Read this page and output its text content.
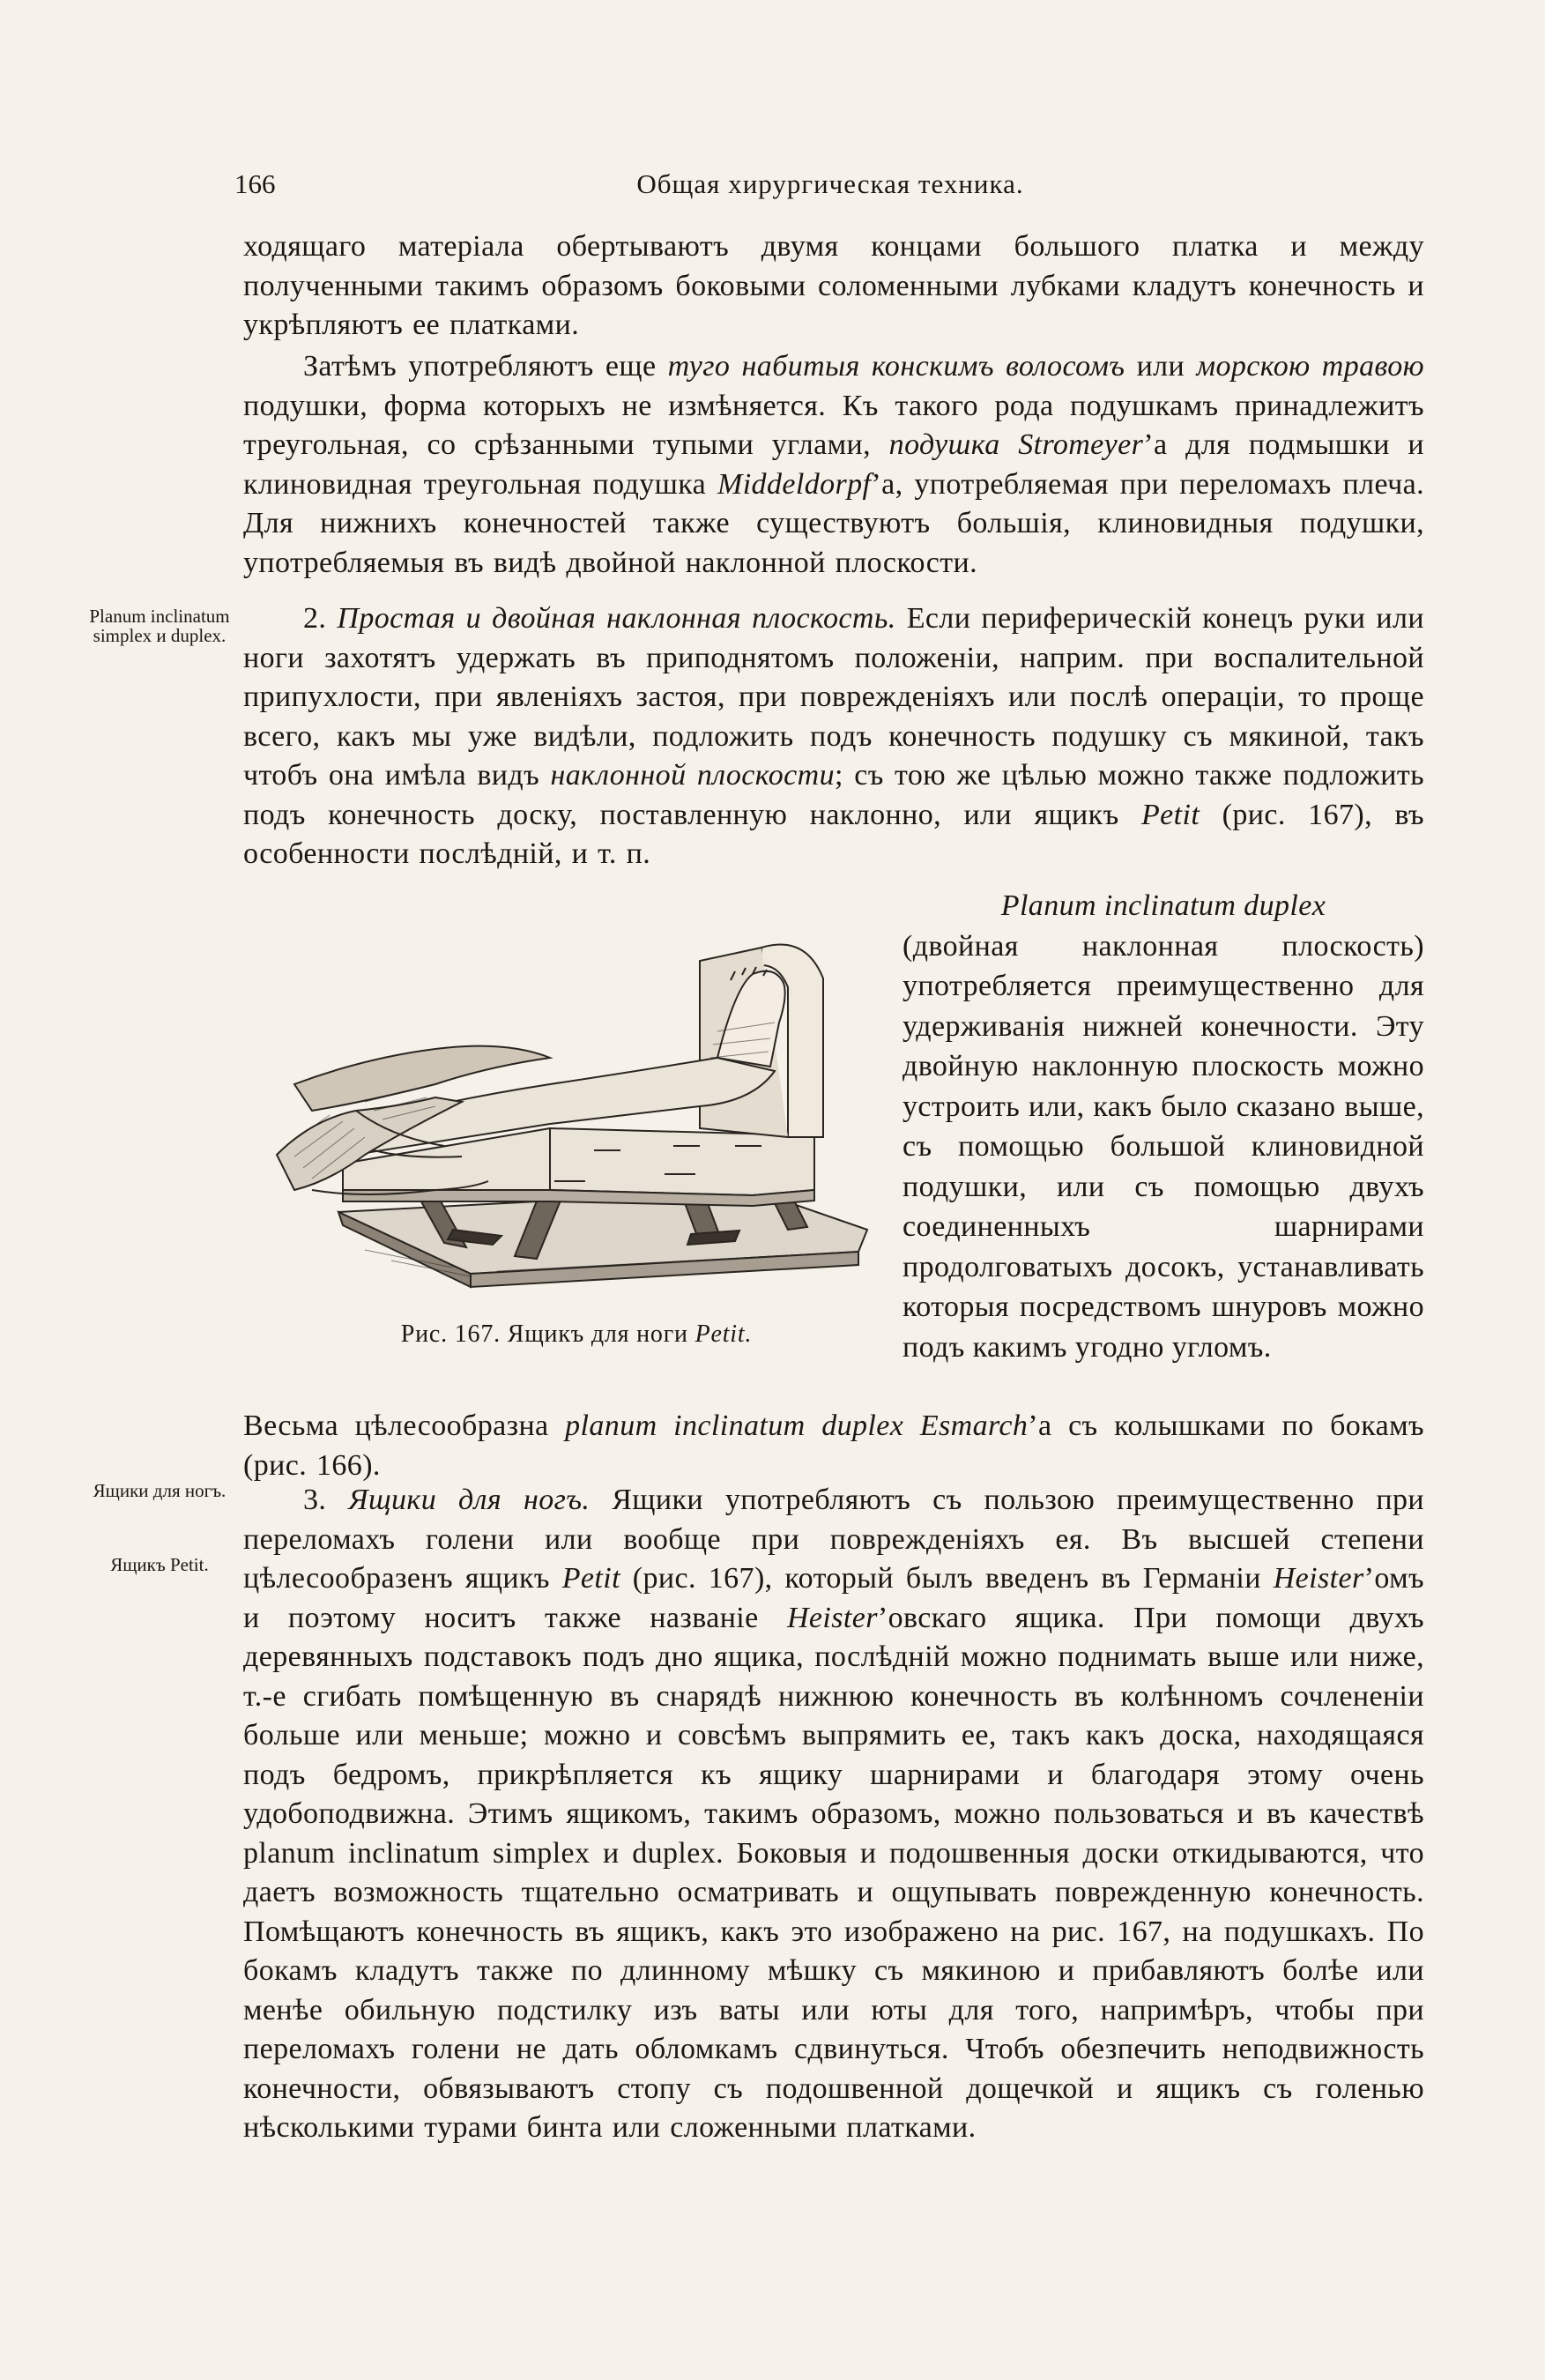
166	Общая хирургическая техника.
ходящаго матеріала обертываютъ двумя концами большого платка и между полученными такимъ образомъ боковыми соломенными лубками кладутъ конечность и укрѣпляютъ ее платками.
Затѣмъ употребляютъ еще туго набитыя конскимъ волосомъ или морскою травою подушки, форма которыхъ не измѣняется. Къ такого рода подушкамъ принадлежитъ треугольная, со срѣзанными тупыми углами, подушка Stromeyer’а для подмышки и клиновидная треугольная подушка Middeldorpf’а, употребляемая при переломахъ плеча. Для нижнихъ конечностей также существуютъ большія, клиновидныя подушки, употребляемыя въ видѣ двойной наклонной плоскости.
Planum inclinatum simplex и duplex.
2. Простая и двойная наклонная плоскость. Если периферическій конецъ руки или ноги захотятъ удержать въ приподнятомъ положеніи, наприм. при воспалительной припухлости, при явленіяхъ застоя, при поврежденіяхъ или послѣ операціи, то проще всего, какъ мы уже видѣли, подложить подъ конечность подушку съ мякиной, такъ чтобъ она имѣла видъ наклонной плоскости; съ тою же цѣлью можно также подложить подъ конечность доску, поставленную наклонно, или ящикъ Petit (рис. 167), въ особенности послѣдній, и т. п.
Рис. 167. Ящикъ для ноги Petit.
Planum inclinatum duplex
(двойная наклонная плоскость) употребляется преимущественно для удерживанія нижней конечности. Эту двойную наклонную плоскость можно устроить или, какъ было сказано выше, съ помощью большой клиновидной подушки, или съ помощью двухъ соединенныхъ шарнирами продолговатыхъ досокъ, устанавливать которыя посредствомъ шнуровъ можно подъ какимъ угодно угломъ.
Весьма цѣлесообразна planum inclinatum duplex Esmarch’а съ колышками по бокамъ (рис. 166).
Ящики для ногъ.
Ящикъ Petit.
3. Ящики для ногъ. Ящики употребляютъ съ пользою преимущественно при переломахъ голени или вообще при поврежденіяхъ ея. Въ высшей степени цѣлесообразенъ ящикъ Petit (рис. 167), который былъ введенъ въ Германіи Heister’омъ и поэтому носитъ также названіе Heister’овскаго ящика. При помощи двухъ деревянныхъ подставокъ подъ дно ящика, послѣдній можно поднимать выше или ниже, т.-е сгибать помѣщенную въ снарядѣ нижнюю конечность въ колѣнномъ сочлененіи больше или меньше; можно и совсѣмъ выпрямить ее, такъ какъ доска, находящаяся подъ бедромъ, прикрѣпляется къ ящику шарнирами и благодаря этому очень удобоподвижна. Этимъ ящикомъ, такимъ образомъ, можно пользоваться и въ качествѣ planum inclinatum simplex и duplex. Боковыя и подошвенныя доски откидываются, что даетъ возможность тщательно осматривать и ощупывать поврежденную конечность. Помѣщаютъ конечность въ ящикъ, какъ это изображено на рис. 167, на подушкахъ. По бокамъ кладутъ также по длинному мѣшку съ мякиною и прибавляютъ болѣе или менѣе обильную подстилку изъ ваты или юты для того, напримѣръ, чтобы при переломахъ голени не дать обломкамъ сдвинуться. Чтобъ обезпечить неподвижность конечности, обвязываютъ стопу съ подошвенной дощечкой и ящикъ съ голенью нѣсколькими турами бинта или сложенными платками.
